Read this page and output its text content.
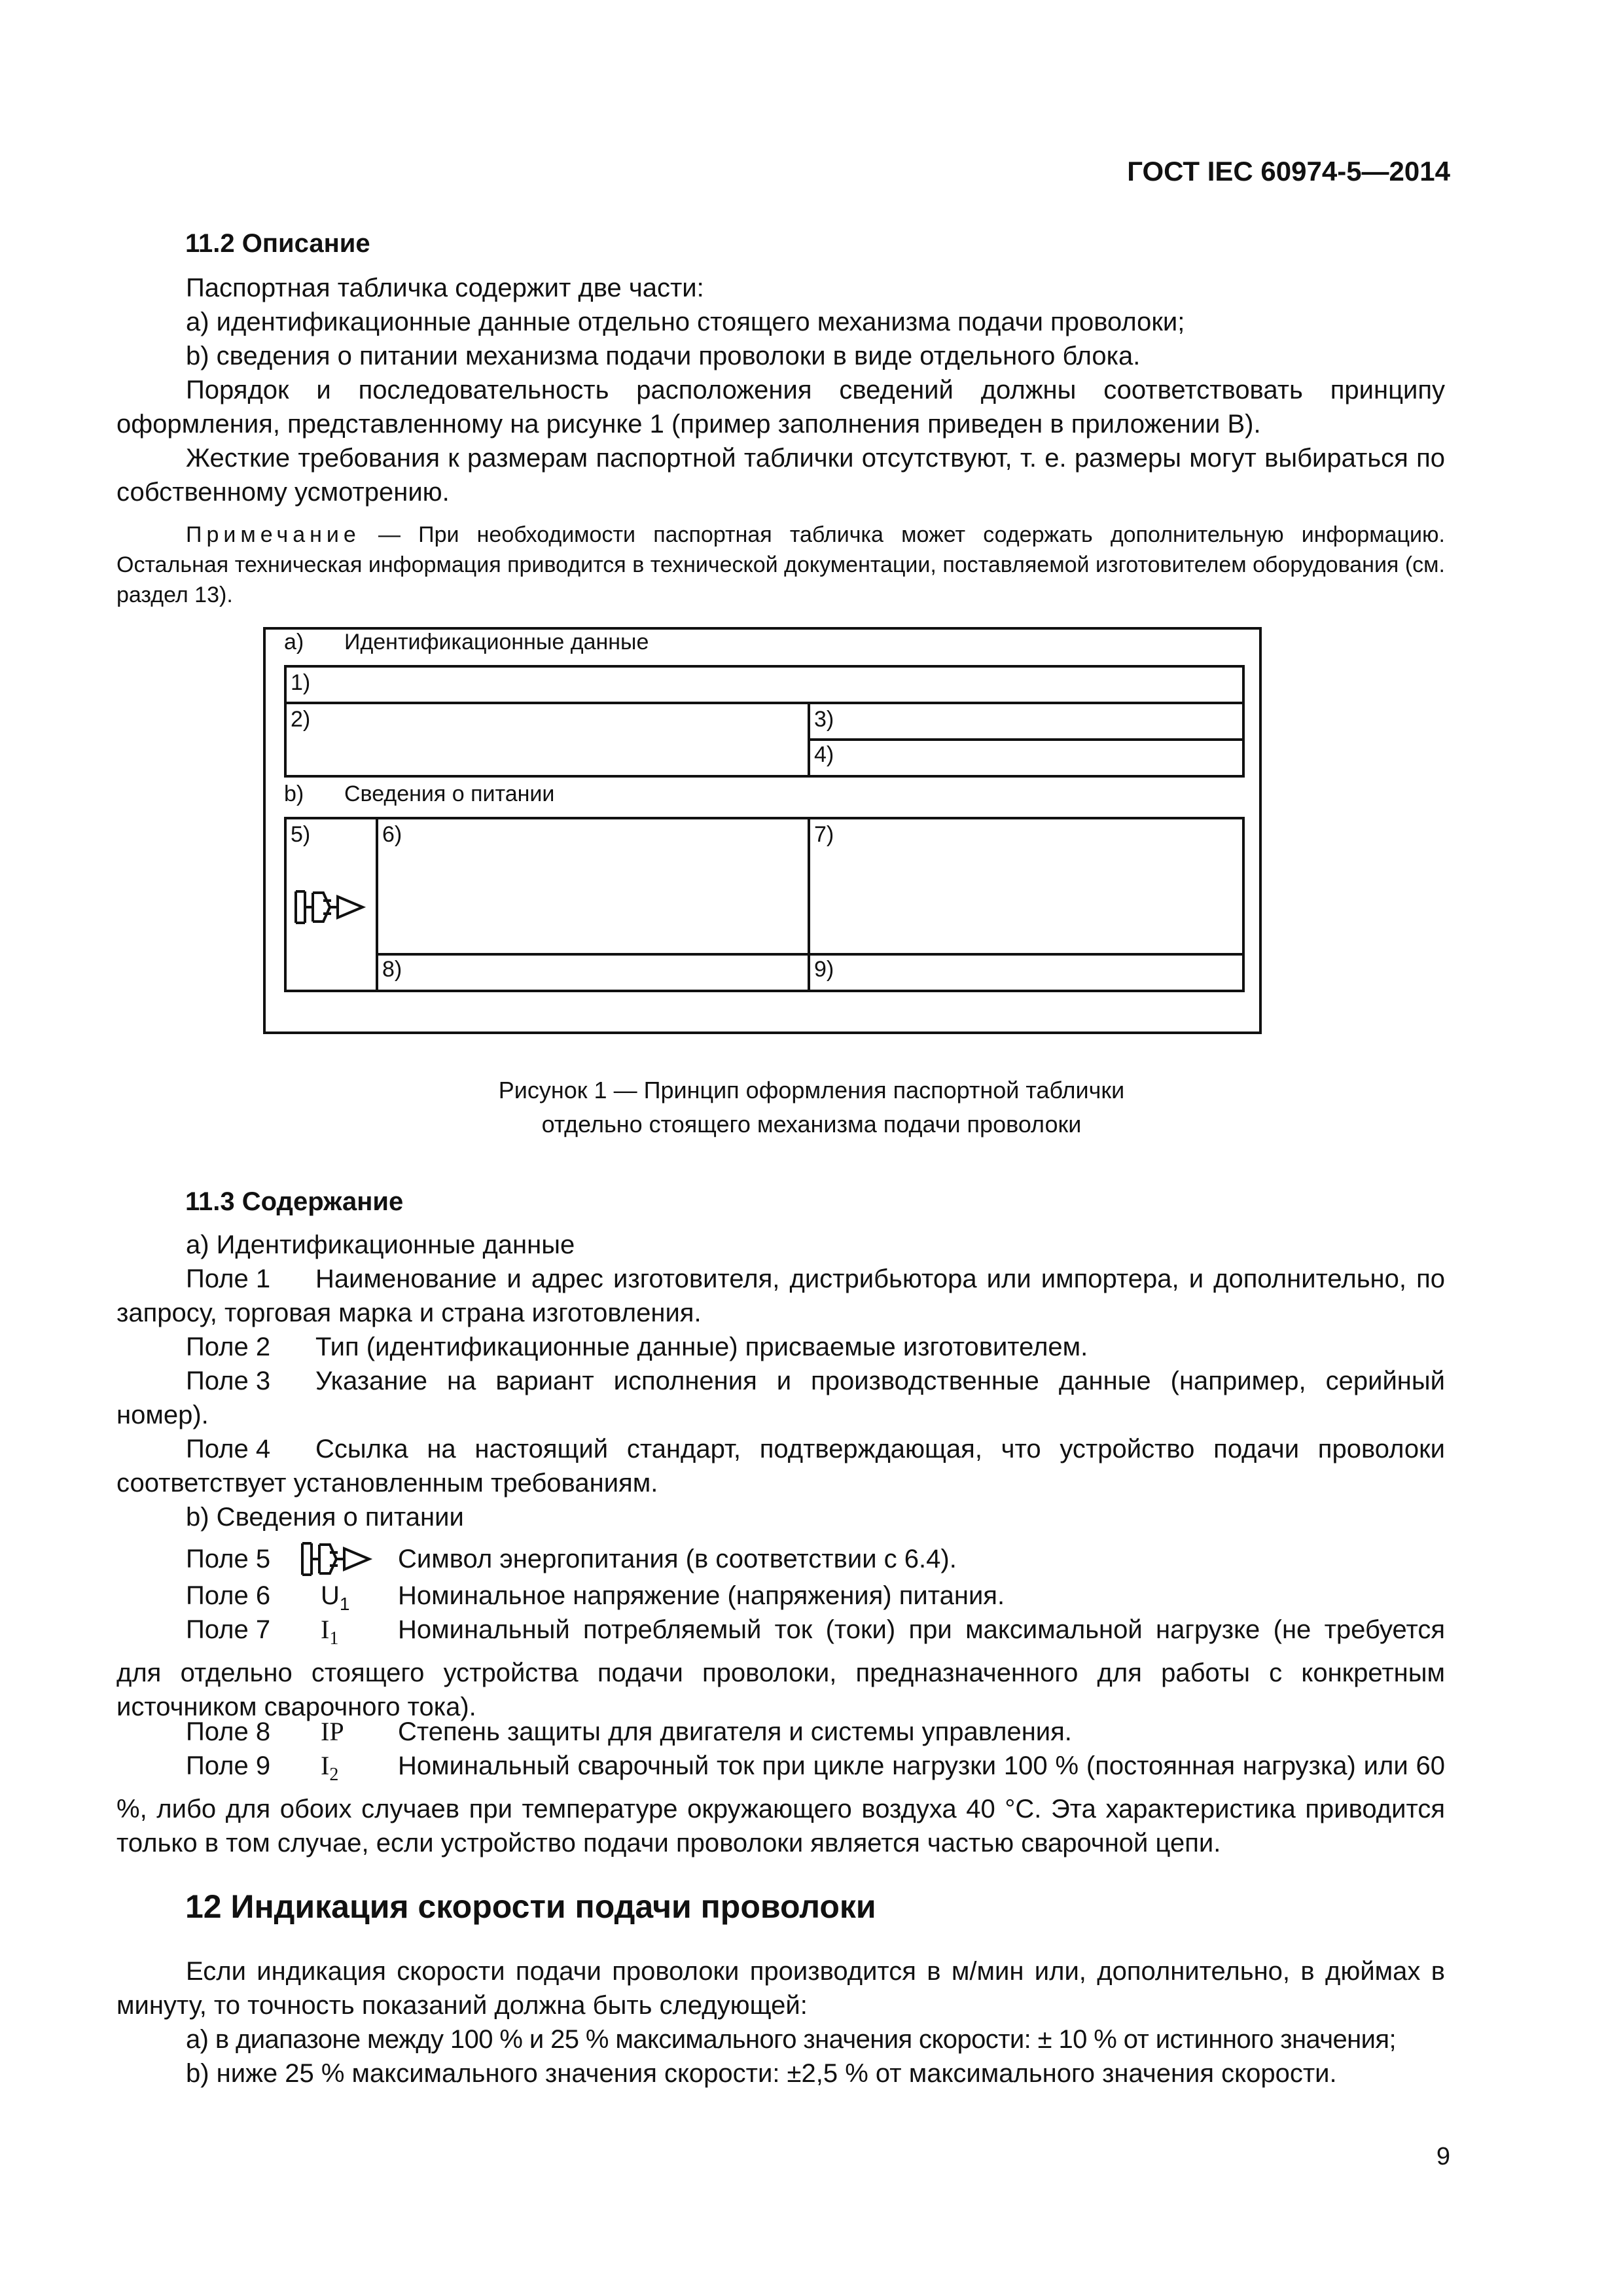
ГОСТ IEC 60974-5—2014
11.2 Описание
Паспортная табличка содержит две части:
a) идентификационные данные отдельно стоящего механизма подачи проволоки;
b) сведения о питании механизма подачи проволоки в виде отдельного блока.
Порядок и последовательность расположения сведений должны соответствовать принципу оформления, представленному на рисунке 1 (пример заполнения приведен в приложении В).
Жесткие требования к размерам паспортной таблички отсутствуют, т. е. размеры могут выбираться по собственному усмотрению.
Примечание — При необходимости паспортная табличка может содержать дополнительную информацию. Остальная техническая информация приводится в технической документации, поставляемой изготовителем оборудования (см. раздел 13).
a) Идентификационные данные
1)
2)	3)
4)
b) Сведения о питании
5)	6)	7)
8)	9)
Рисунок 1 — Принцип оформления паспортной таблички
отдельно стоящего механизма подачи проволоки
11.3 Содержание
a) Идентификационные данные
Поле 1 Наименование и адрес изготовителя, дистрибьютора или импортера, и дополнительно, по запросу, торговая марка и страна изготовления.
Поле 2 Тип (идентификационные данные) присваемые изготовителем.
Поле 3 Указание на вариант исполнения и производственные данные (например, серийный номер).
Поле 4 Ссылка на настоящий стандарт, подтверждающая, что устройство подачи проволоки соответствует установленным требованиям.
b) Сведения о питании
Поле 5	Символ энергопитания (в соответствии с 6.4).
Поле 6 $U_1$ Номинальное напряжение (напряжения) питания.
Поле 7 $I_1$ Номинальный потребляемый ток (токи) при максимальной нагрузке (не требуется для отдельно стоящего устройства подачи проволоки, предназначенного для работы с конкретным источником сварочного тока).
Поле 8 IP Степень защиты для двигателя и системы управления.
Поле 9 $I_2$ Номинальный сварочный ток при цикле нагрузки 100 % (постоянная нагрузка) или 60 %, либо для обоих случаев при температуре окружающего воздуха 40 °С. Эта характеристика приводится только в том случае, если устройство подачи проволоки является частью сварочной цепи.
12 Индикация скорости подачи проволоки
Если индикация скорости подачи проволоки производится в м/мин или, дополнительно, в дюймах в минуту, то точность показаний должна быть следующей:
a) в диапазоне между 100 % и 25 % максимального значения скорости: ± 10 % от истинного значения;
b) ниже 25 % максимального значения скорости: ±2,5 % от максимального значения скорости.
9
